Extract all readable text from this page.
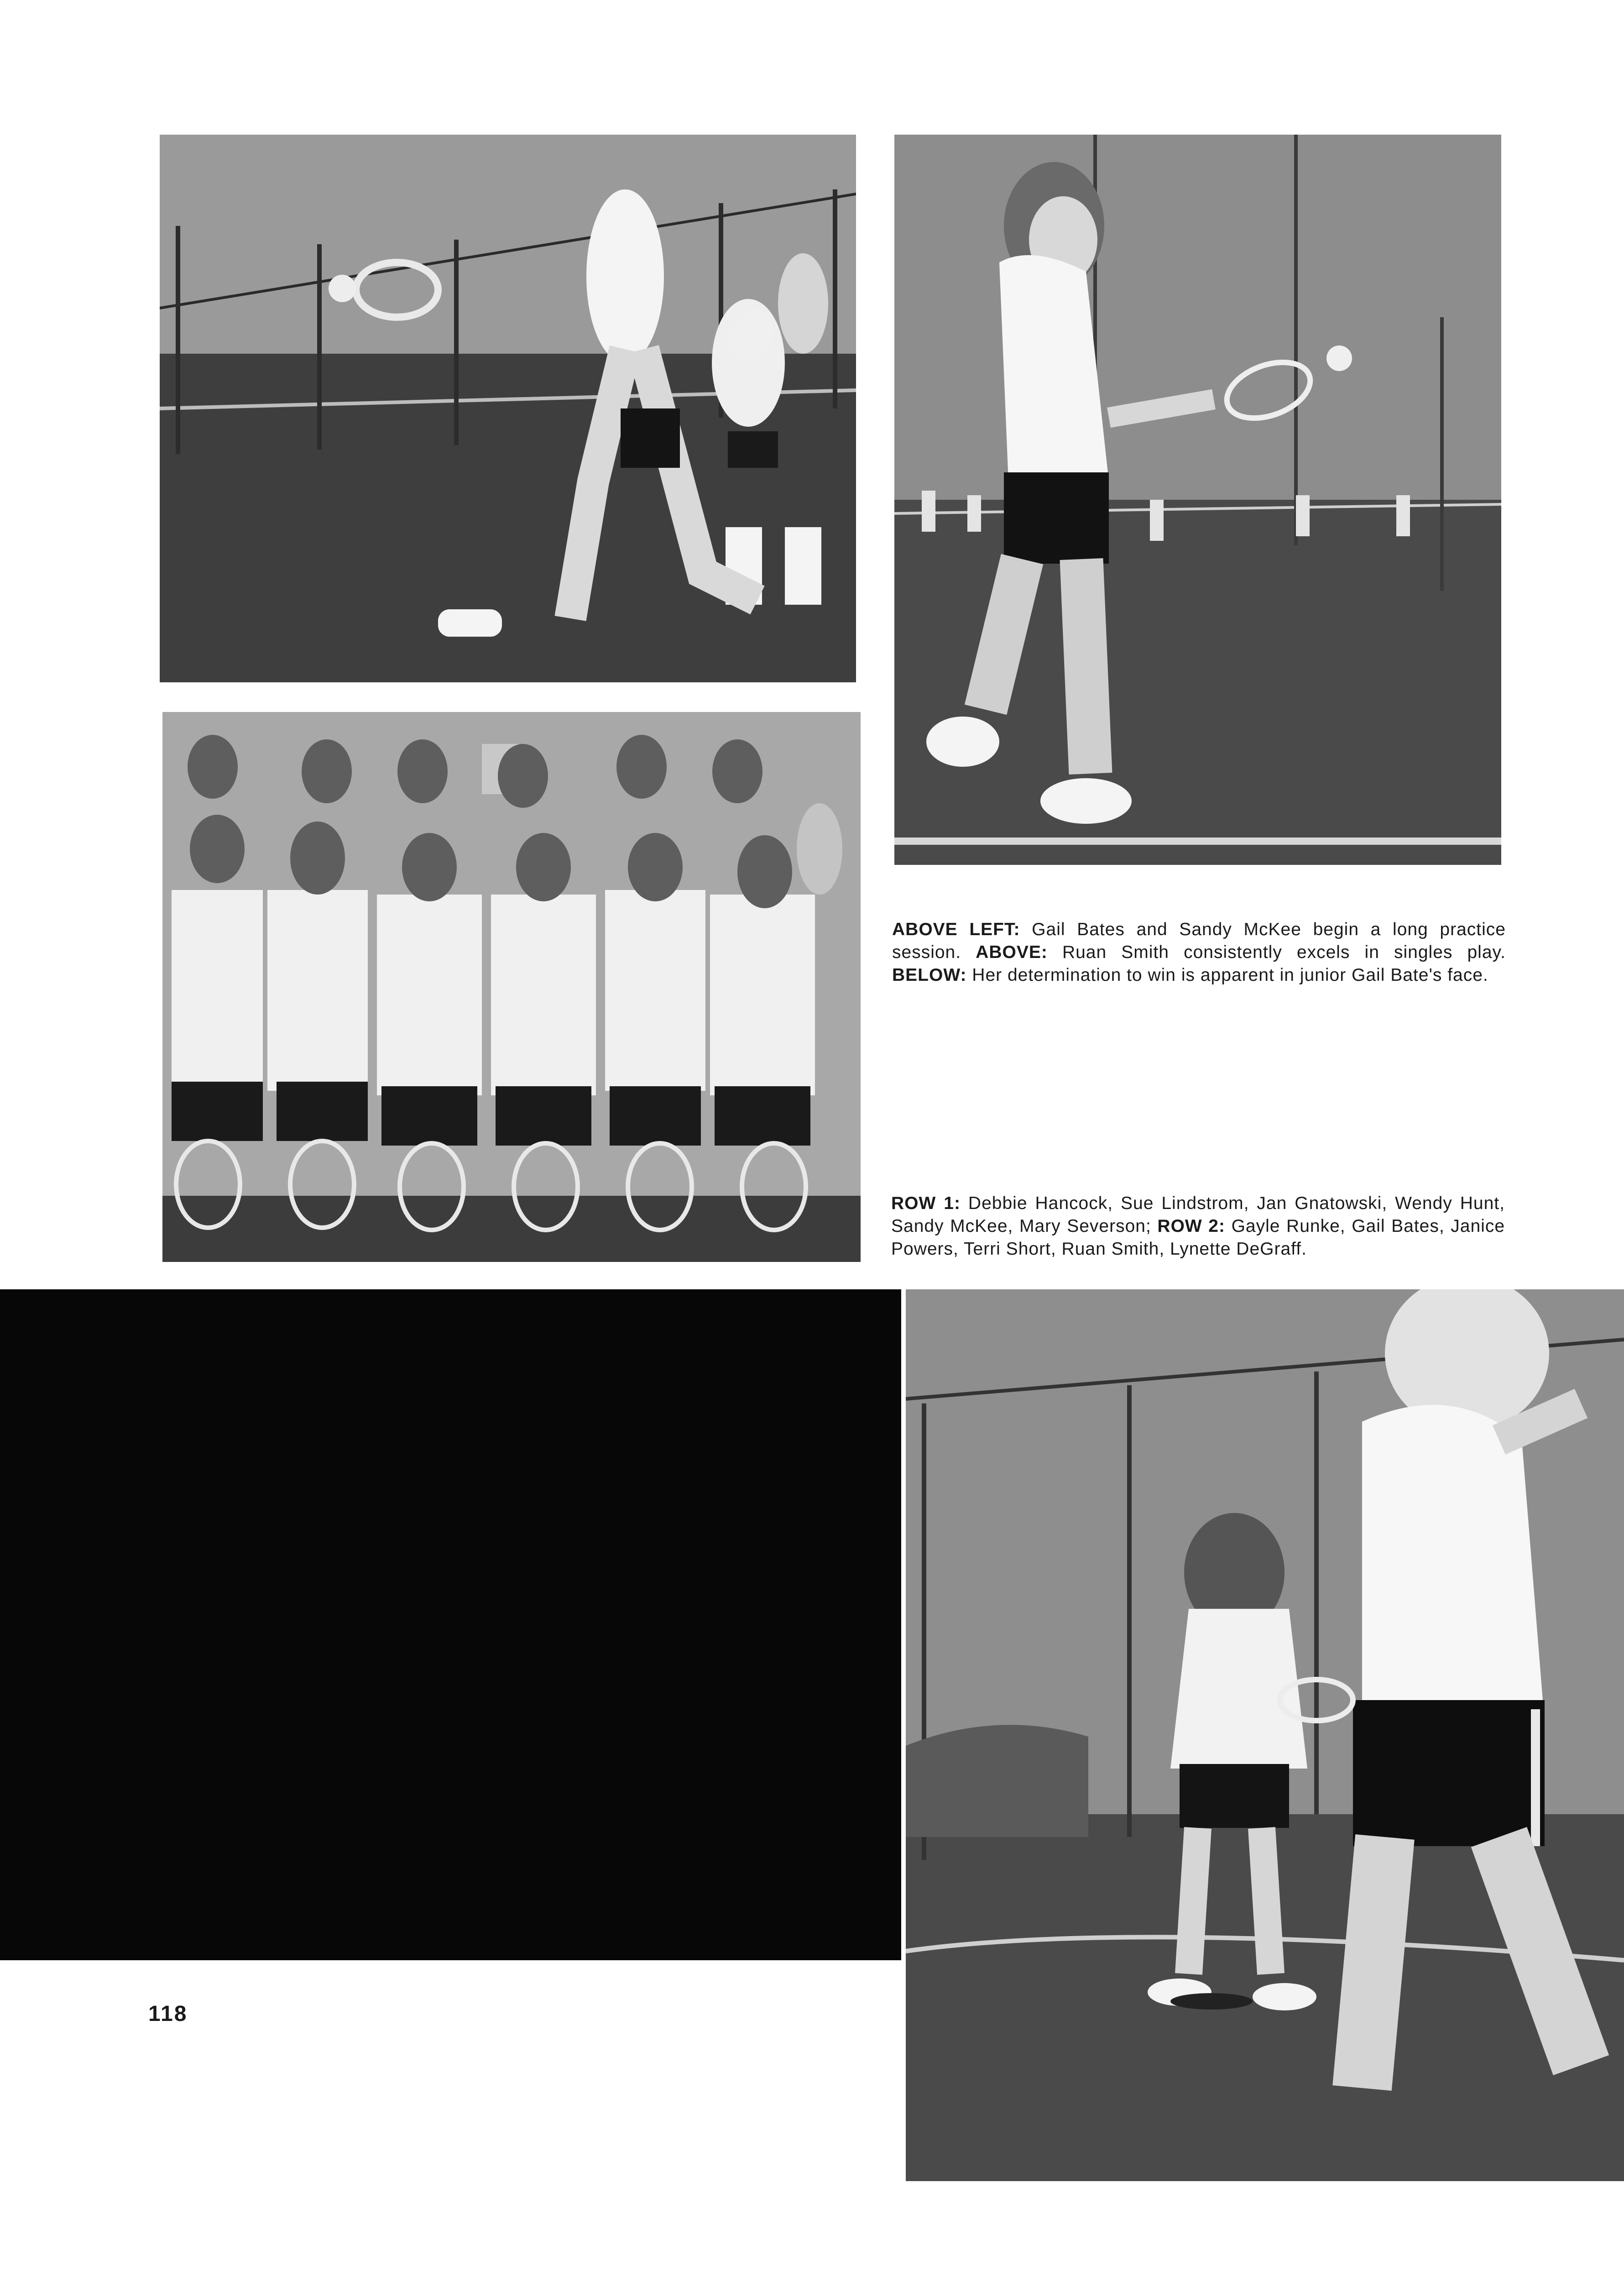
ABOVE LEFT: Gail Bates and Sandy McKee begin a long practice session. ABOVE: Ruan Smith consistently excels in singles play. BELOW: Her determination to win is apparent in junior Gail Bate's face.
ROW 1: Debbie Hancock, Sue Lindstrom, Jan Gnatowski, Wendy Hunt, Sandy McKee, Mary Severson; ROW 2: Gayle Runke, Gail Bates, Janice Powers, Terri Short, Ruan Smith, Lynette DeGraff.

118
